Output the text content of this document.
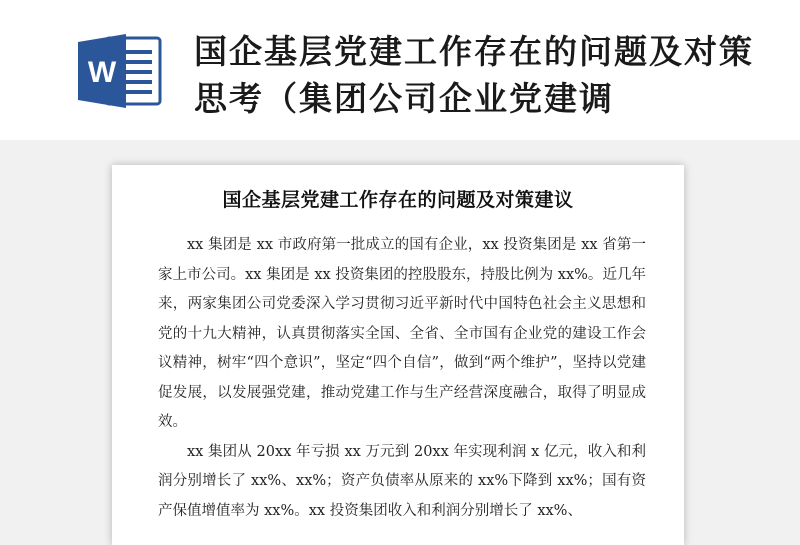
W
国企基层党建工作存在的问题及对策思考（集团公司企业党建调
国企基层党建工作存在的问题及对策建议

xx 集团是 xx 市政府第一批成立的国有企业，xx 投资集团是 xx 省第一家上市公司。xx 集团是 xx 投资集团的控股股东，持股比例为 xx%。近几年来，两家集团公司党委深入学习贯彻习近平新时代中国特色社会主义思想和党的十九大精神，认真贯彻落实全国、全省、全市国有企业党的建设工作会议精神，树牢“四个意识”，坚定“四个自信”，做到“两个维护”，坚持以党建促发展，以发展强党建，推动党建工作与生产经营深度融合，取得了明显成效。

xx 集团从 20xx 年亏损 xx 万元到 20xx 年实现利润 x 亿元，收入和利润分别增长了 xx%、xx%；资产负债率从原来的 xx%下降到 xx%；国有资产保值增值率为 xx%。xx 投资集团收入和利润分别增长了 xx%、
